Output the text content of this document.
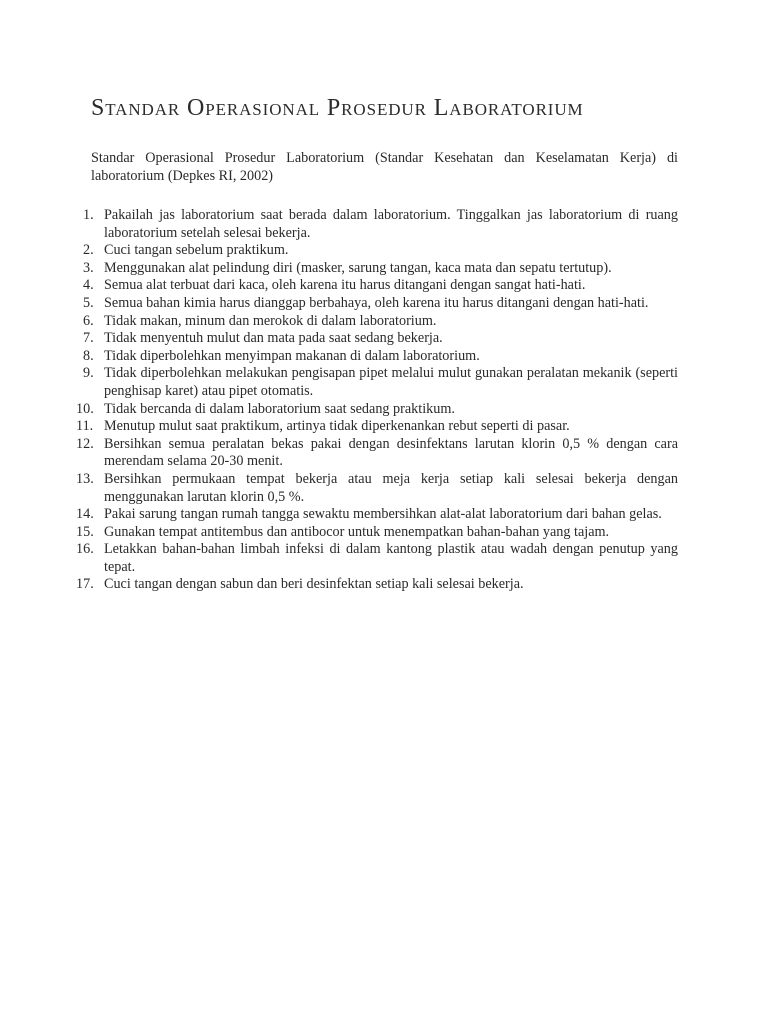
Standar Operasional Prosedur Laboratorium

Standar Operasional Prosedur Laboratorium (Standar Kesehatan dan Keselamatan Kerja) di laboratorium (Depkes RI, 2002)

1. Pakailah jas laboratorium saat berada dalam laboratorium. Tinggalkan jas laboratorium di ruang laboratorium setelah selesai bekerja.
2. Cuci tangan sebelum praktikum.
3. Menggunakan alat pelindung diri (masker, sarung tangan, kaca mata dan sepatu tertutup).
4. Semua alat terbuat dari kaca, oleh karena itu harus ditangani dengan sangat hati-hati.
5. Semua bahan kimia harus dianggap berbahaya, oleh karena itu harus ditangani dengan hati-hati.
6. Tidak makan, minum dan merokok di dalam laboratorium.
7. Tidak menyentuh mulut dan mata pada saat sedang bekerja.
8. Tidak diperbolehkan menyimpan makanan di dalam laboratorium.
9. Tidak diperbolehkan melakukan pengisapan pipet melalui mulut gunakan peralatan mekanik (seperti penghisap karet) atau pipet otomatis.
10. Tidak bercanda di dalam laboratorium saat sedang praktikum.
11. Menutup mulut saat praktikum, artinya tidak diperkenankan rebut seperti di pasar.
12. Bersihkan semua peralatan bekas pakai dengan desinfektans larutan klorin 0,5 % dengan cara merendam selama 20-30 menit.
13. Bersihkan permukaan tempat bekerja atau meja kerja setiap kali selesai bekerja dengan menggunakan larutan klorin 0,5 %.
14. Pakai sarung tangan rumah tangga sewaktu membersihkan alat-alat laboratorium dari bahan gelas.
15. Gunakan tempat antitembus dan antibocor untuk menempatkan bahan-bahan yang tajam.
16. Letakkan bahan-bahan limbah infeksi di dalam kantong plastik atau wadah dengan penutup yang tepat.
17. Cuci tangan dengan sabun dan beri desinfektan setiap kali selesai bekerja.
